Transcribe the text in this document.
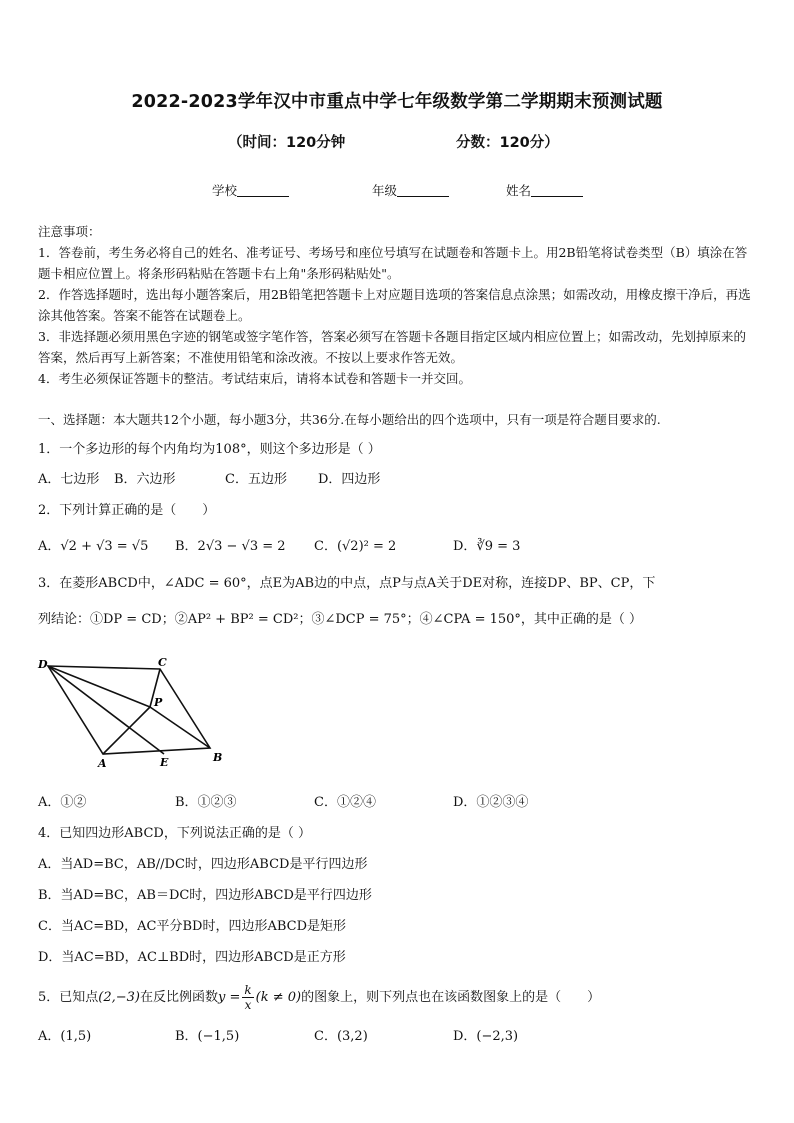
2022-2023学年汉中市重点中学七年级数学第二学期期末预测试题
（时间：120分钟	分数：120分）
学校	年级	姓名
注意事项：
1．答卷前，考生务必将自己的姓名、准考证号、考场号和座位号填写在试题卷和答题卡上。用2B铅笔将试卷类型（B）填涂在答题卡相应位置上。将条形码粘贴在答题卡右上角"条形码粘贴处"。
2．作答选择题时，选出每小题答案后，用2B铅笔把答题卡上对应题目选项的答案信息点涂黑；如需改动，用橡皮擦干净后，再选涂其他答案。答案不能答在试题卷上。
3．非选择题必须用黑色字迹的钢笔或签字笔作答，答案必须写在答题卡各题目指定区域内相应位置上；如需改动，先划掉原来的答案，然后再写上新答案；不准使用铅笔和涂改液。不按以上要求作答无效。
4．考生必须保证答题卡的整洁。考试结束后，请将本试卷和答题卡一并交回。
一、选择题：本大题共12个小题，每小题3分，共36分.在每小题给出的四个选项中，只有一项是符合题目要求的.
1．一个多边形的每个内角均为108°，则这个多边形是（ ）
A．七边形 B．六边形	C．五边形 D．四边形
2．下列计算正确的是（　　）
A．√2 + √3 = √5 B．2√3 − √3 = 2 C．(√2)² = 2	D．∛9 = 3
3．在菱形ABCD中，∠ADC = 60°，点E为AB边的中点，点P与点A关于DE对称，连接DP、BP、CP，下
列结论：①DP = CD；②AP² + BP² = CD²；③∠DCP = 75°；④∠CPA = 150°，其中正确的是（ ）
D	C
P
A	E	B
A．①②	B．①②③	C．①②④	D．①②③④
4．已知四边形ABCD，下列说法正确的是（ ）
A．当AD=BC，AB//DC时，四边形ABCD是平行四边形
B．当AD=BC，AB＝DC时，四边形ABCD是平行四边形
C．当AC=BD，AC平分BD时，四边形ABCD是矩形
D．当AC=BD，AC⊥BD时，四边形ABCD是正方形
5．已知点(2,−3)在反比例函数$y = \frac{k}{x} (k \ne 0)$的图象上，则下列点也在该函数图象上的是（　　）
A．(1,5)	B．(−1,5)	C．(3,2)	D．(−2,3)
